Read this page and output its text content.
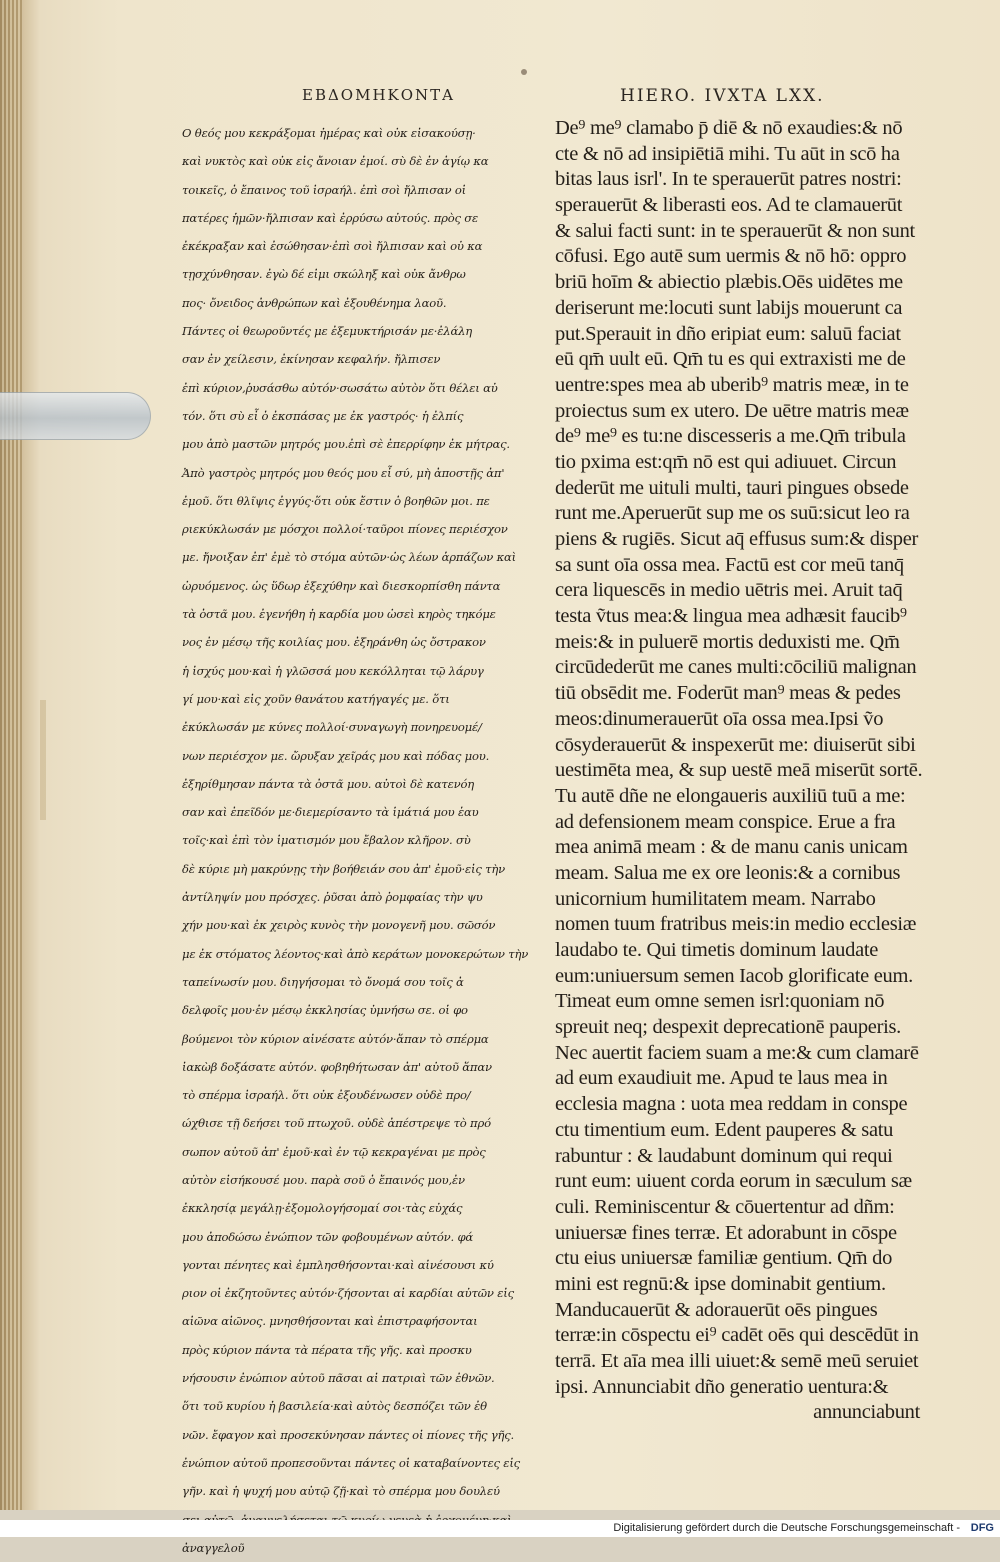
ΕΒΔΟΜΗΚΟΝΤΑ	HIERO. IVXTA LXX.
Ο θεός μου κεκράξομαι ἡμέρας καὶ οὐκ εἰσακούσῃ·
καὶ νυκτὸς καὶ οὐκ εἰς ἄνοιαν ἐμοί. σὺ δὲ ἐν ἁγίῳ κα
τοικεῖς, ὁ ἔπαινος τοῦ ἰσραήλ. ἐπὶ σοὶ ἤλπισαν οἱ
πατέρες ἡμῶν·ἤλπισαν καὶ ἐρρύσω αὐτούς. πρὸς σε
ἐκέκραξαν καὶ ἐσώθησαν·ἐπὶ σοὶ ἤλπισαν καὶ οὐ κα
τῃσχύνθησαν. ἐγὼ δέ εἰμι σκώληξ καὶ οὐκ ἄνθρω
πος· ὄνειδος ἀνθρώπων καὶ ἐξουθένημα λαοῦ.
Πάντες οἱ θεωροῦντές με ἐξεμυκτήρισάν με·ἐλάλη
σαν ἐν χείλεσιν, ἐκίνησαν κεφαλήν. ἤλπισεν
ἐπὶ κύριον,ῥυσάσθω αὐτόν·σωσάτω αὐτὸν ὅτι θέλει αὐ
τόν. ὅτι σὺ εἶ ὁ ἐκσπάσας με ἐκ γαστρός· ἡ ἐλπίς
μου ἀπὸ μαστῶν μητρός μου.ἐπὶ σὲ ἐπερρίφην ἐκ μήτρας.
Ἀπὸ γαστρὸς μητρός μου θεός μου εἶ σύ, μὴ ἀποστῇς ἀπ'
ἐμοῦ. ὅτι θλῖψις ἐγγύς·ὅτι οὐκ ἔστιν ὁ βοηθῶν μοι. πε
ριεκύκλωσάν με μόσχοι πολλοί·ταῦροι πίονες περιέσχον
με. ἤνοιξαν ἐπ' ἐμὲ τὸ στόμα αὐτῶν·ὡς λέων ἁρπάζων καὶ
ὠρυόμενος. ὡς ὕδωρ ἐξεχύθην καὶ διεσκορπίσθη πάντα
τὰ ὀστᾶ μου. ἐγενήθη ἡ καρδία μου ὡσεὶ κηρὸς τηκόμε
νος ἐν μέσῳ τῆς κοιλίας μου. ἐξηράνθη ὡς ὄστρακον
ἡ ἰσχύς μου·καὶ ἡ γλῶσσά μου κεκόλληται τῷ λάρυγ
γί μου·καὶ εἰς χοῦν θανάτου κατήγαγές με. ὅτι
ἐκύκλωσάν με κύνες πολλοί·συναγωγὴ πονηρευομέ/
νων περιέσχον με. ὤρυξαν χεῖράς μου καὶ πόδας μου.
ἐξηρίθμησαν πάντα τὰ ὀστᾶ μου. αὐτοὶ δὲ κατενόη
σαν καὶ ἐπεῖδόν με·διεμερίσαντο τὰ ἱμάτιά μου ἑαυ
τοῖς·καὶ ἐπὶ τὸν ἱματισμόν μου ἔβαλον κλῆρον. σὺ
δὲ κύριε μὴ μακρύνῃς τὴν βοήθειάν σου ἀπ' ἐμοῦ·εἰς τὴν
ἀντίληψίν μου πρόσχες. ῥῦσαι ἀπὸ ῥομφαίας τὴν ψυ
χήν μου·καὶ ἐκ χειρὸς κυνὸς τὴν μονογενῆ μου. σῶσόν
με ἐκ στόματος λέοντος·καὶ ἀπὸ κεράτων μονοκερώτων τὴν
ταπείνωσίν μου. διηγήσομαι τὸ ὄνομά σου τοῖς ἀ
δελφοῖς μου·ἐν μέσῳ ἐκκλησίας ὑμνήσω σε. οἱ φο
βούμενοι τὸν κύριον αἰνέσατε αὐτόν·ἅπαν τὸ σπέρμα
ἰακὼβ δοξάσατε αὐτόν. φοβηθήτωσαν ἀπ' αὐτοῦ ἅπαν
τὸ σπέρμα ἰσραήλ. ὅτι οὐκ ἐξουδένωσεν οὐδὲ προ/
ώχθισε τῇ δεήσει τοῦ πτωχοῦ. οὐδὲ ἀπέστρεψε τὸ πρό
σωπον αὐτοῦ ἀπ' ἐμοῦ·καὶ ἐν τῷ κεκραγέναι με πρὸς
αὐτὸν εἰσήκουσέ μου. παρὰ σοῦ ὁ ἔπαινός μου,ἐν
ἐκκλησίᾳ μεγάλῃ·ἐξομολογήσομαί σοι·τὰς εὐχάς
μου ἀποδώσω ἐνώπιον τῶν φοβουμένων αὐτόν. φά
γονται πένητες καὶ ἐμπλησθήσονται·καὶ αἰνέσουσι κύ
ριον οἱ ἐκζητοῦντες αὐτόν·ζήσονται αἱ καρδίαι αὐτῶν εἰς
αἰῶνα αἰῶνος. μνησθήσονται καὶ ἐπιστραφήσονται
πρὸς κύριον πάντα τὰ πέρατα τῆς γῆς. καὶ προσκυ
νήσουσιν ἐνώπιον αὐτοῦ πᾶσαι αἱ πατριαὶ τῶν ἐθνῶν.
ὅτι τοῦ κυρίου ἡ βασιλεία·καὶ αὐτὸς δεσπόζει τῶν ἐθ
νῶν. ἔφαγον καὶ προσεκύνησαν πάντες οἱ πίονες τῆς γῆς.
ἐνώπιον αὐτοῦ προπεσοῦνται πάντες οἱ καταβαίνοντες εἰς
γῆν. καὶ ἡ ψυχή μου αὐτῷ ζῇ·καὶ τὸ σπέρμα μου δουλεύ
ἀναγγελοῦ
De⁹ me⁹ clamabo p̄ diē & nō exaudies:& nō
cte & nō ad insipiētiā mihi. Tu aūt in scō ha
bitas laus isrl'. In te sperauerūt patres nostri:
sperauerūt & liberasti eos. Ad te clamauerūt
& salui facti sunt: in te sperauerūt & non sunt
cōfusi. Ego autē sum uermis & nō hō: oppro
briū hoīm & abiectio plæbis.Oēs uidētes me
deriserunt me:locuti sunt labijs mouerunt ca
put.Sperauit in dño eripiat eum: saluū faciat
eū qm̄ uult eū. Qm̄ tu es qui extraxisti me de
uentre:spes mea ab uberib⁹ matris meæ, in te
proiectus sum ex utero. De uētre matris meæ
de⁹ me⁹ es tu:ne discesseris a me.Qm̄ tribula
tio pxima est:qm̄ nō est qui adiuuet. Circun
dederūt me uituli multi, tauri pingues obsede
runt me.Aperuerūt sup me os suū:sicut leo ra
piens & rugiēs. Sicut aq̄ effusus sum:& disper
sa sunt oīa ossa mea. Factū est cor meū tanq̄
cera liquescēs in medio uētris mei. Aruit taq̄
testa ṽtus mea:& lingua mea adhæsit faucib⁹
meis:& in puluerē mortis deduxisti me. Qm̄
circūdederūt me canes multi:cōciliū malignan
tiū obsēdit me. Foderūt man⁹ meas & pedes
meos:dinumerauerūt oīa ossa mea.Ipsi ṽo
cōsyderauerūt & inspexerūt me: diuiserūt sibi
uestimēta mea, & sup uestē meā miserūt sortē.
Tu autē dñe ne elongaueris auxiliū tuū a me:
ad defensionem meam conspice. Erue a fra
mea animā meam : & de manu canis unicam
meam. Salua me ex ore leonis:& a cornibus
unicornium humilitatem meam. Narrabo
nomen tuum fratribus meis:in medio ecclesiæ
laudabo te. Qui timetis dominum laudate
eum:uniuersum semen Iacob glorificate eum.
Timeat eum omne semen isrl:quoniam nō
spreuit neq; despexit deprecationē pauperis.
Nec auertit faciem suam a me:& cum clamarē
ad eum exaudiuit me. Apud te laus mea in
ecclesia magna : uota mea reddam in conspe
ctu timentium eum. Edent pauperes & satu
rabuntur : & laudabunt dominum qui requi
runt eum: uiuent corda eorum in sæculum sæ
culi. Reminiscentur & cōuertentur ad dñm:
uniuersæ fines terræ. Et adorabunt in cōspe
ctu eius uniuersæ familiæ gentium. Qm̄ do
mini est regnū:& ipse dominabit gentium.
Manducauerūt & adorauerūt oēs pingues
terræ:in cōspectu ei⁹ cadēt oēs qui descēdūt in
terrā. Et aīa mea illi uiuet:& semē meū seruiet
ipsi. Annunciabit dño generatio uentura:&
annunciabunt
Digitalisierung gefördert durch die Deutsche Forschungsgemeinschaft - DFG
